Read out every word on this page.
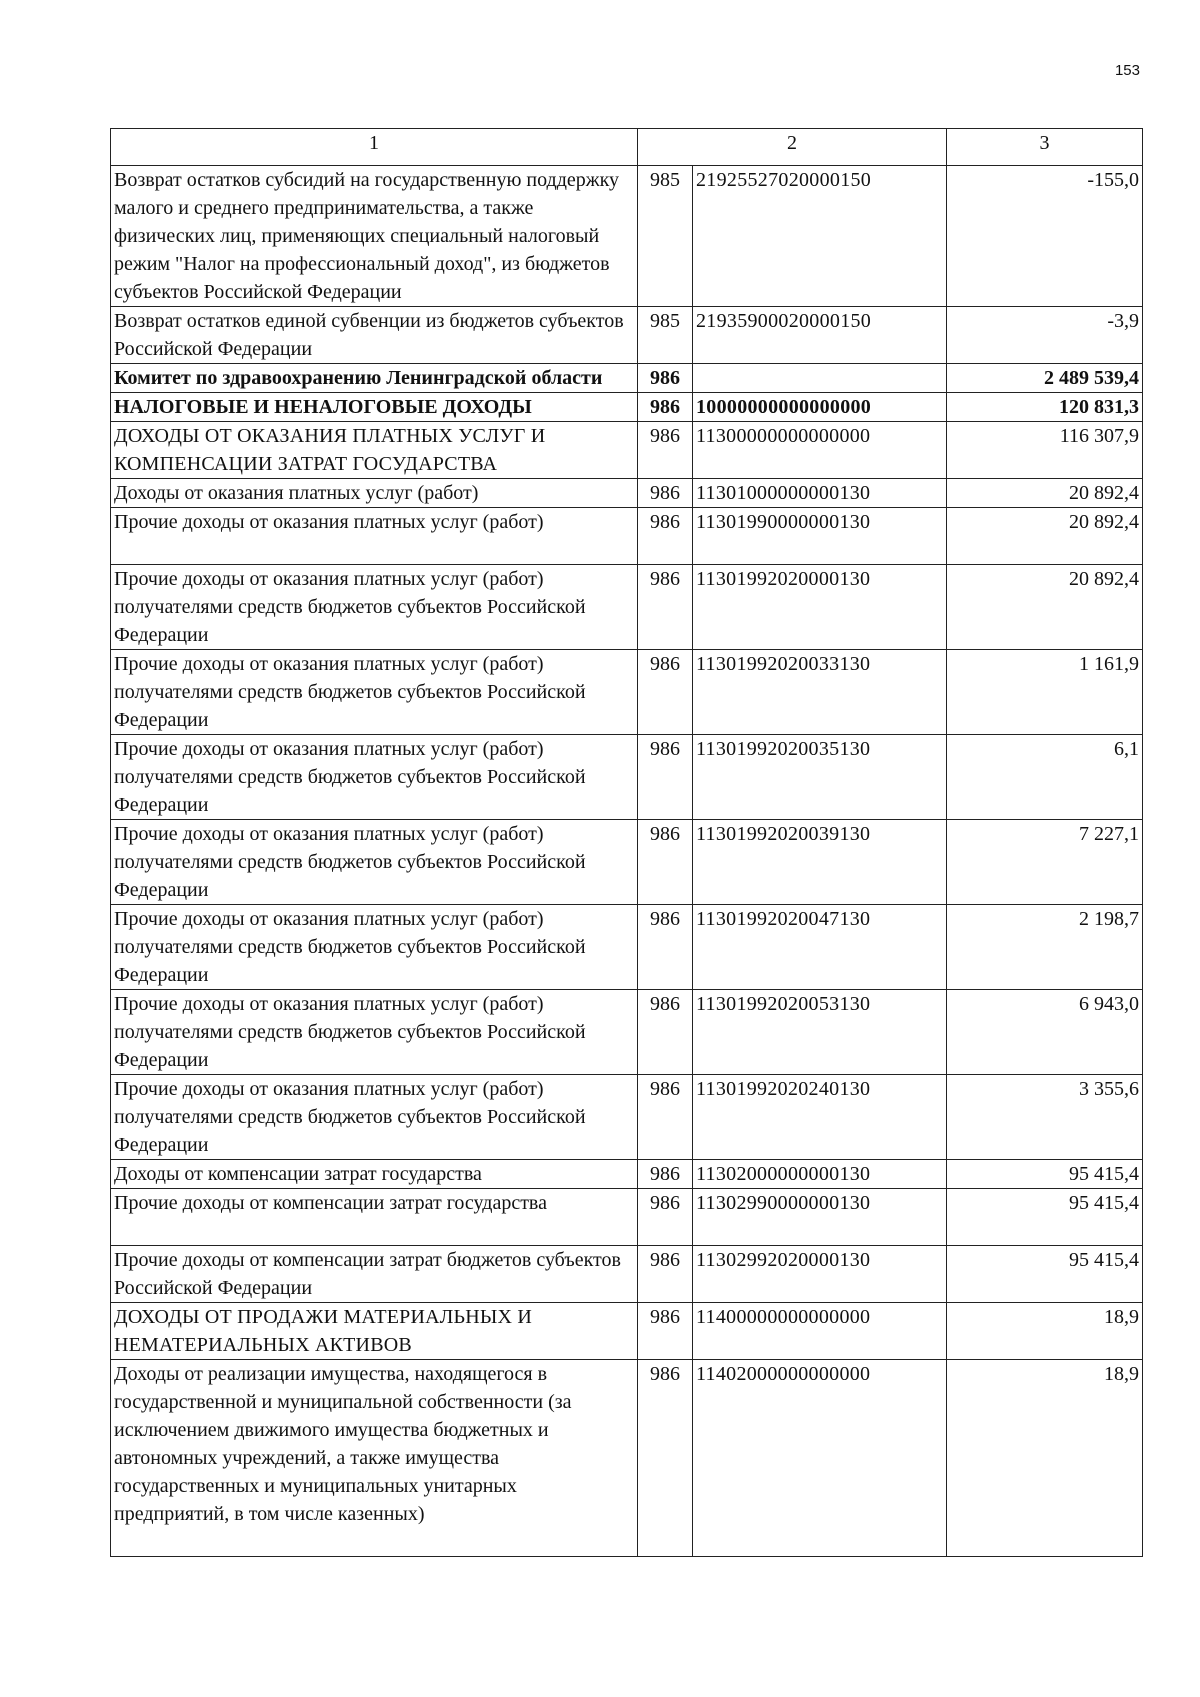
153
1	2		3
Возврат остатков субсидий на государственную поддержку малого и среднего предпринимательства, а также физических лиц, применяющих специальный налоговый режим "Налог на профессиональный доход", из бюджетов субъектов Российской Федерации	985	21925527020000150	-155,0
Возврат остатков единой субвенции из бюджетов субъектов Российской Федерации	985	21935900020000150	-3,9
Комитет по здравоохранению Ленинградской области	986		2 489 539,4
НАЛОГОВЫЕ И НЕНАЛОГОВЫЕ ДОХОДЫ	986	10000000000000000	120 831,3
ДОХОДЫ ОТ ОКАЗАНИЯ ПЛАТНЫХ УСЛУГ И КОМПЕНСАЦИИ ЗАТРАТ ГОСУДАРСТВА	986	11300000000000000	116 307,9
Доходы от оказания платных услуг (работ)	986	11301000000000130	20 892,4
Прочие доходы от оказания платных услуг (работ)	986	11301990000000130	20 892,4
Прочие доходы от оказания платных услуг (работ) получателями средств бюджетов субъектов Российской Федерации	986	11301992020000130	20 892,4
Прочие доходы от оказания платных услуг (работ) получателями средств бюджетов субъектов Российской Федерации	986	11301992020033130	1 161,9
Прочие доходы от оказания платных услуг (работ) получателями средств бюджетов субъектов Российской Федерации	986	11301992020035130	6,1
Прочие доходы от оказания платных услуг (работ) получателями средств бюджетов субъектов Российской Федерации	986	11301992020039130	7 227,1
Прочие доходы от оказания платных услуг (работ) получателями средств бюджетов субъектов Российской Федерации	986	11301992020047130	2 198,7
Прочие доходы от оказания платных услуг (работ) получателями средств бюджетов субъектов Российской Федерации	986	11301992020053130	6 943,0
Прочие доходы от оказания платных услуг (работ) получателями средств бюджетов субъектов Российской Федерации	986	11301992020240130	3 355,6
Доходы от компенсации затрат государства	986	11302000000000130	95 415,4
Прочие доходы от компенсации затрат государства	986	11302990000000130	95 415,4
Прочие доходы от компенсации затрат бюджетов субъектов Российской Федерации	986	11302992020000130	95 415,4
ДОХОДЫ ОТ ПРОДАЖИ МАТЕРИАЛЬНЫХ И НЕМАТЕРИАЛЬНЫХ АКТИВОВ	986	11400000000000000	18,9
Доходы от реализации имущества, находящегося в государственной и муниципальной собственности (за исключением движимого имущества бюджетных и автономных учреждений, а также имущества государственных и муниципальных унитарных предприятий, в том числе казенных)	986	11402000000000000	18,9
